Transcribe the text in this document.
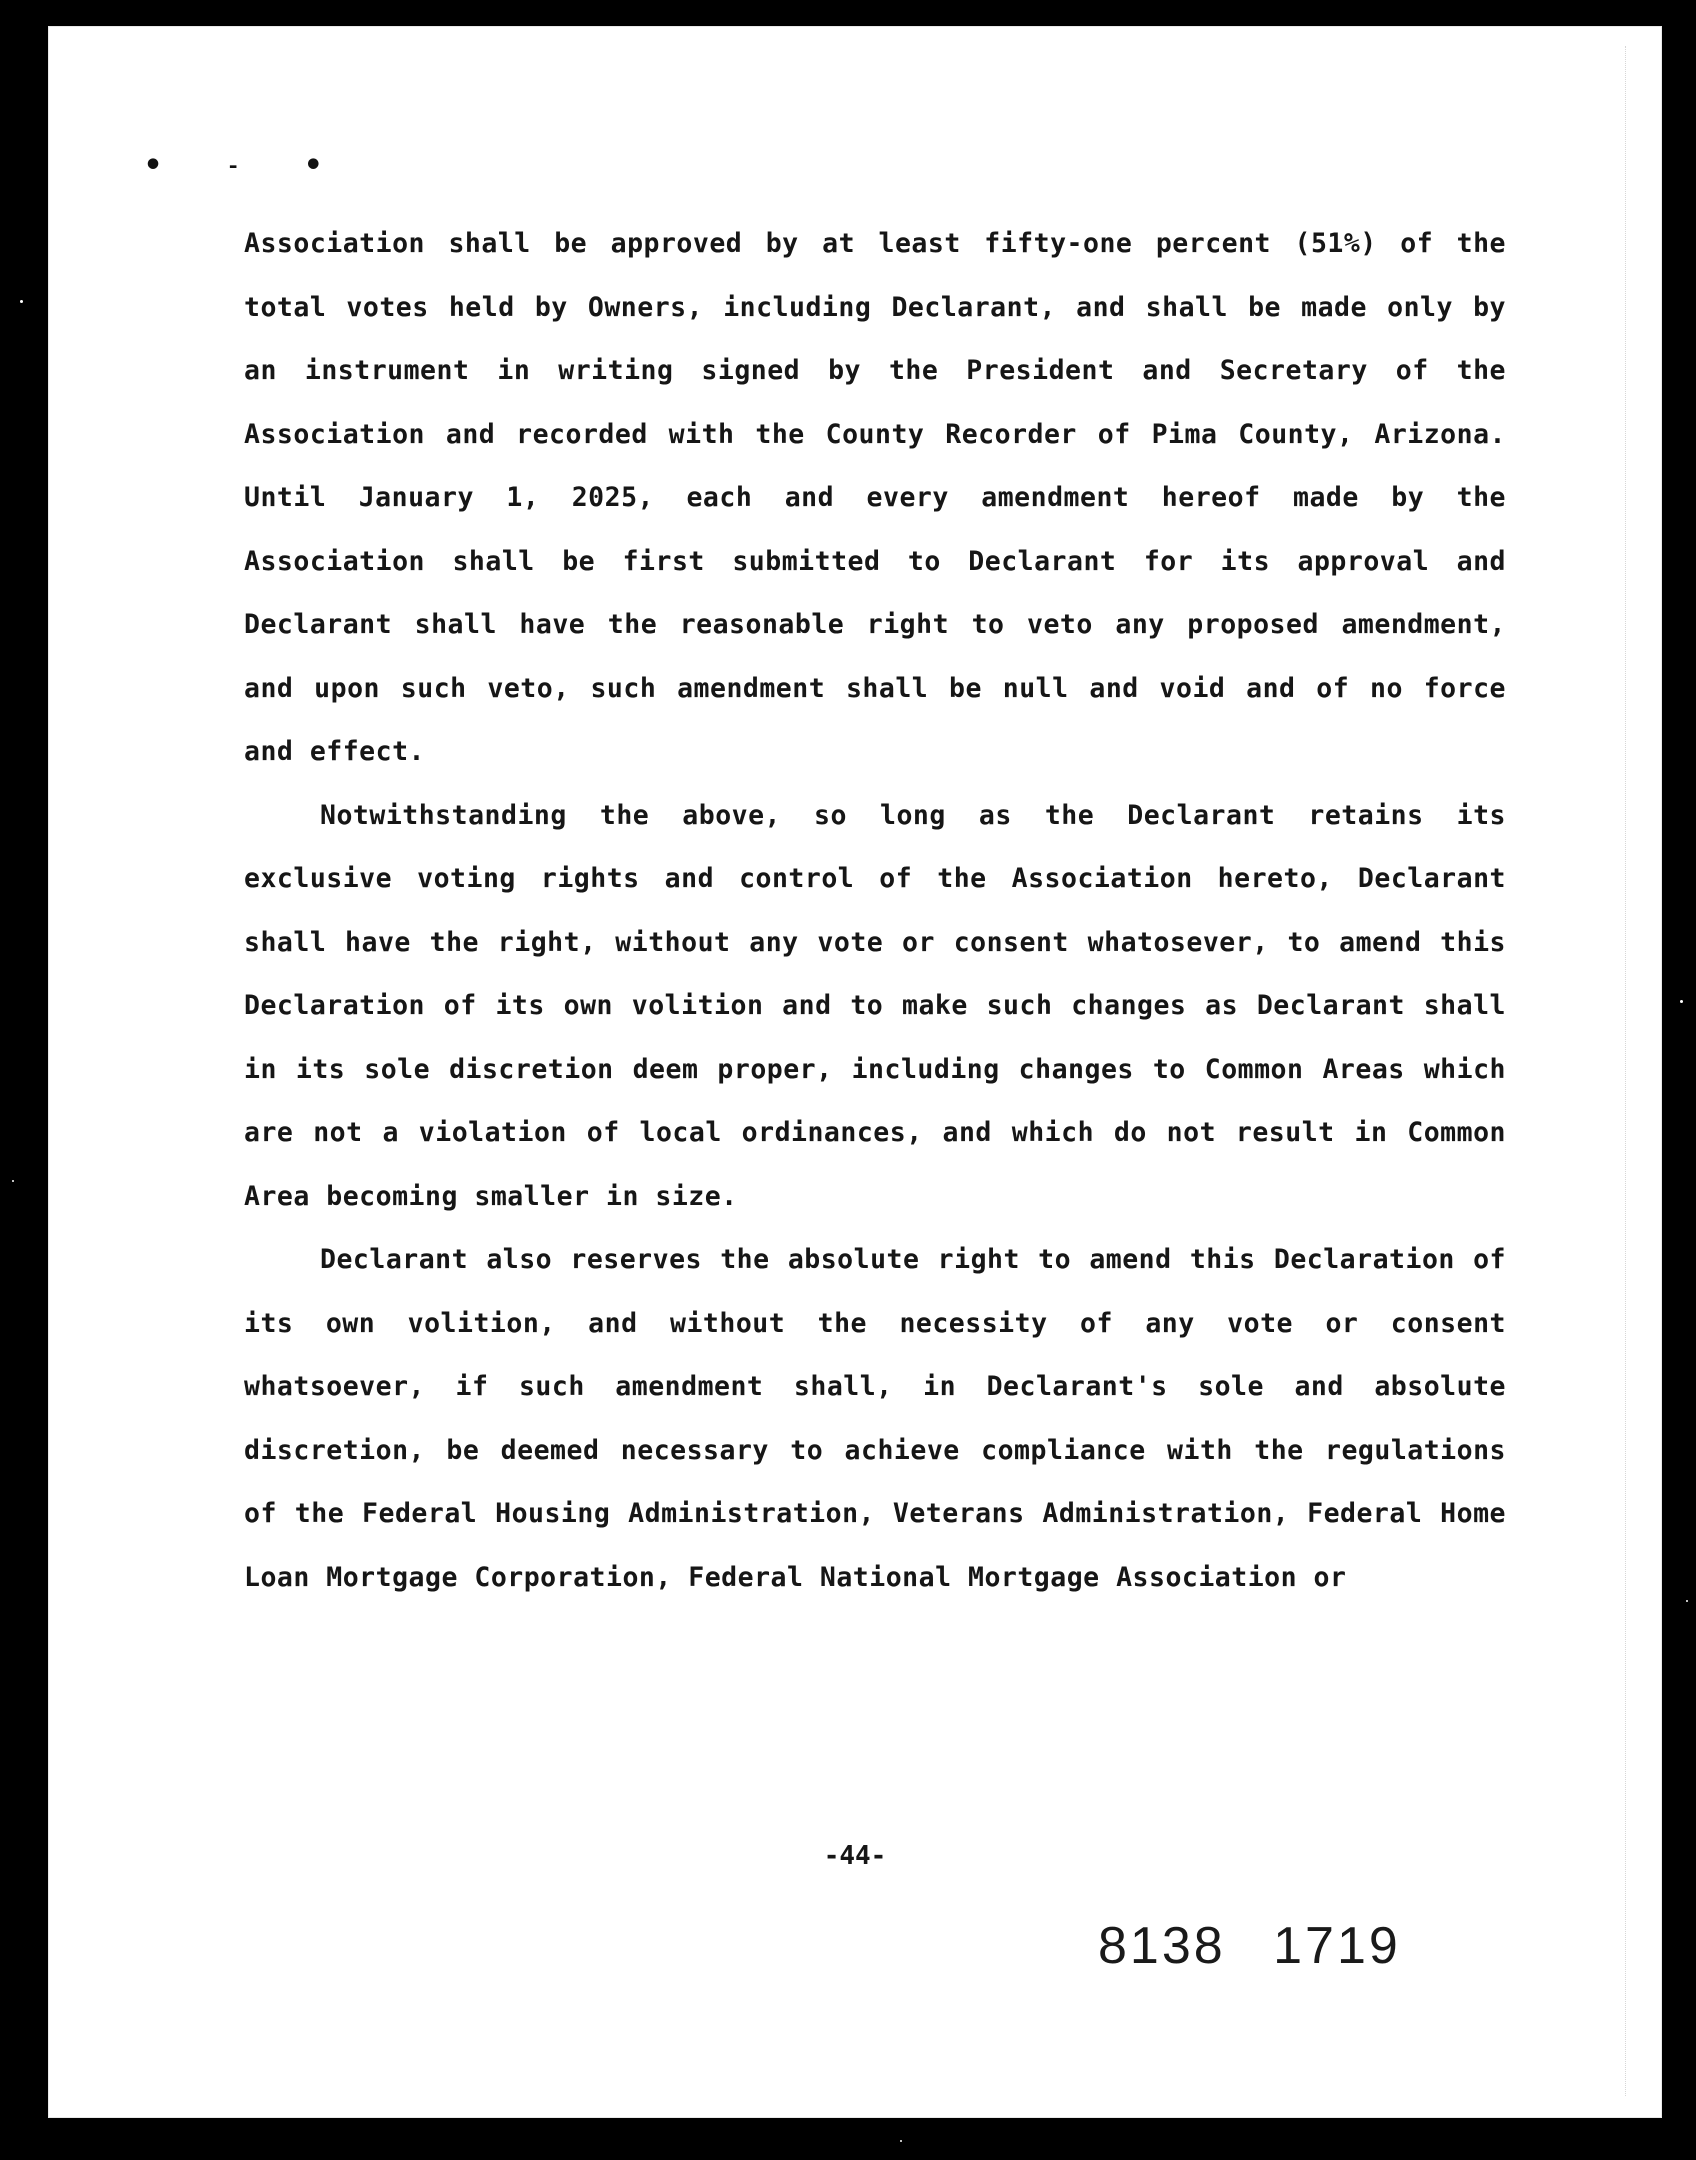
• ˗ •

Association shall be approved by at least fifty-one percent (51%) of the total votes held by Owners, including Declarant, and shall be made only by an instrument in writing signed by the President and Secretary of the Association and recorded with the County Recorder of Pima County, Arizona. Until January 1, 2025, each and every amendment hereof made by the Association shall be first submitted to Declarant for its approval and Declarant shall have the reasonable right to veto any proposed amendment, and upon such veto, such amendment shall be null and void and of no force and effect.

Notwithstanding the above, so long as the Declarant retains its exclusive voting rights and control of the Association hereto, Declarant shall have the right, without any vote or consent whatosever, to amend this Declaration of its own volition and to make such changes as Declarant shall in its sole discretion deem proper, including changes to Common Areas which are not a violation of local ordinances, and which do not result in Common Area becoming smaller in size.

Declarant also reserves the absolute right to amend this Declaration of its own volition, and without the necessity of any vote or consent whatsoever, if such amendment shall, in Declarant's sole and absolute discretion, be deemed necessary to achieve compliance with the regulations of the Federal Housing Administration, Veterans Administration, Federal Home Loan Mortgage Corporation, Federal National Mortgage Association or

-44-
8138 1719
